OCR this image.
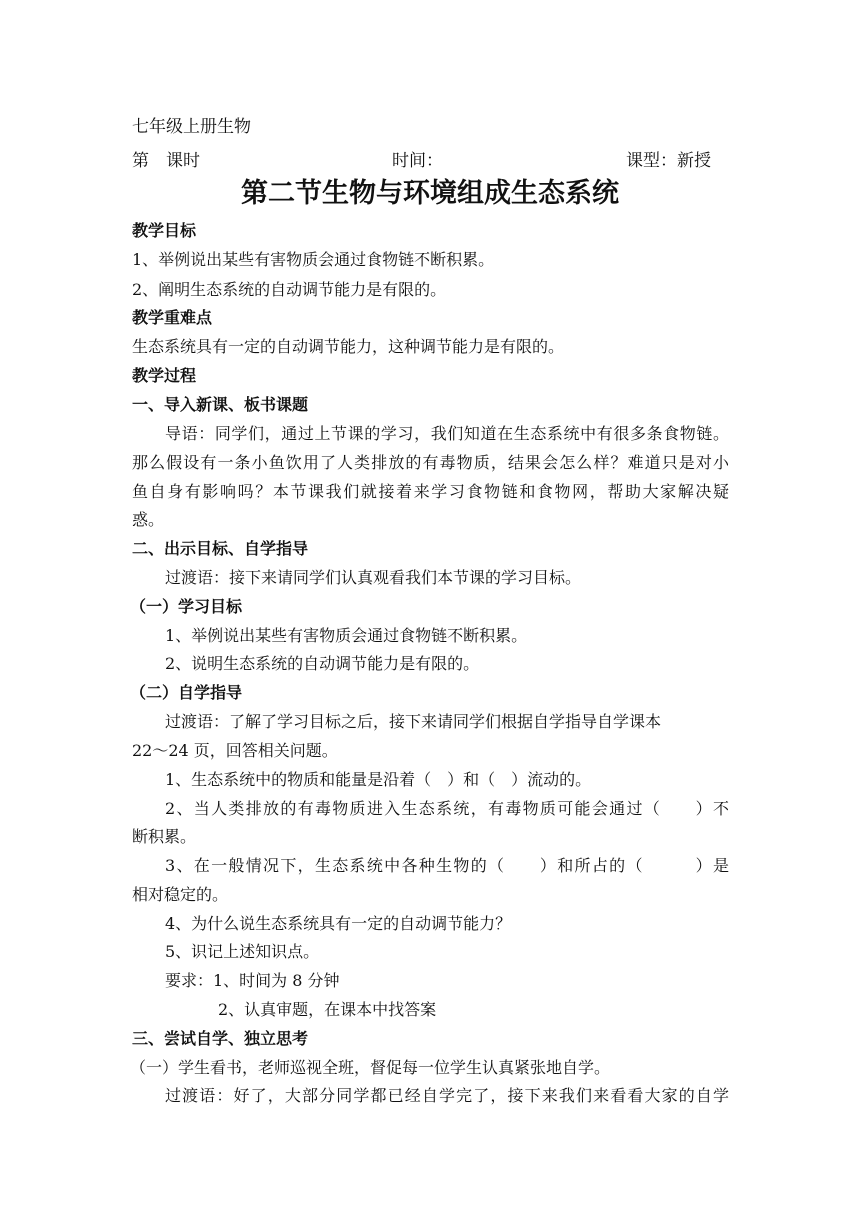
七年级上册生物
第　课时	时间：	课型：新授
第二节生物与环境组成生态系统
教学目标
1、举例说出某些有害物质会通过食物链不断积累。
2、阐明生态系统的自动调节能力是有限的。
教学重难点
生态系统具有一定的自动调节能力，这种调节能力是有限的。
教学过程
一、导入新课、板书课题
导语：同学们，通过上节课的学习，我们知道在生态系统中有很多条食物链。
那么假设有一条小鱼饮用了人类排放的有毒物质，结果会怎么样？难道只是对小
鱼自身有影响吗？本节课我们就接着来学习食物链和食物网，帮助大家解决疑
惑。
二、出示目标、自学指导
过渡语：接下来请同学们认真观看我们本节课的学习目标。
（一）学习目标
1、举例说出某些有害物质会通过食物链不断积累。
2、说明生态系统的自动调节能力是有限的。
（二）自学指导
过渡语：了解了学习目标之后，接下来请同学们根据自学指导自学课本
22～24 页，回答相关问题。
1、生态系统中的物质和能量是沿着（　）和（　）流动的。
2、当人类排放的有毒物质进入生态系统，有毒物质可能会通过（　　）不
断积累。
3、在一般情况下，生态系统中各种生物的（　　）和所占的（　　　）是
相对稳定的。
4、为什么说生态系统具有一定的自动调节能力？
5、识记上述知识点。
要求：1、时间为 8 分钟
2、认真审题，在课本中找答案
三、尝试自学、独立思考
（一）学生看书，老师巡视全班，督促每一位学生认真紧张地自学。
过渡语：好了，大部分同学都已经自学完了，接下来我们来看看大家的自学
